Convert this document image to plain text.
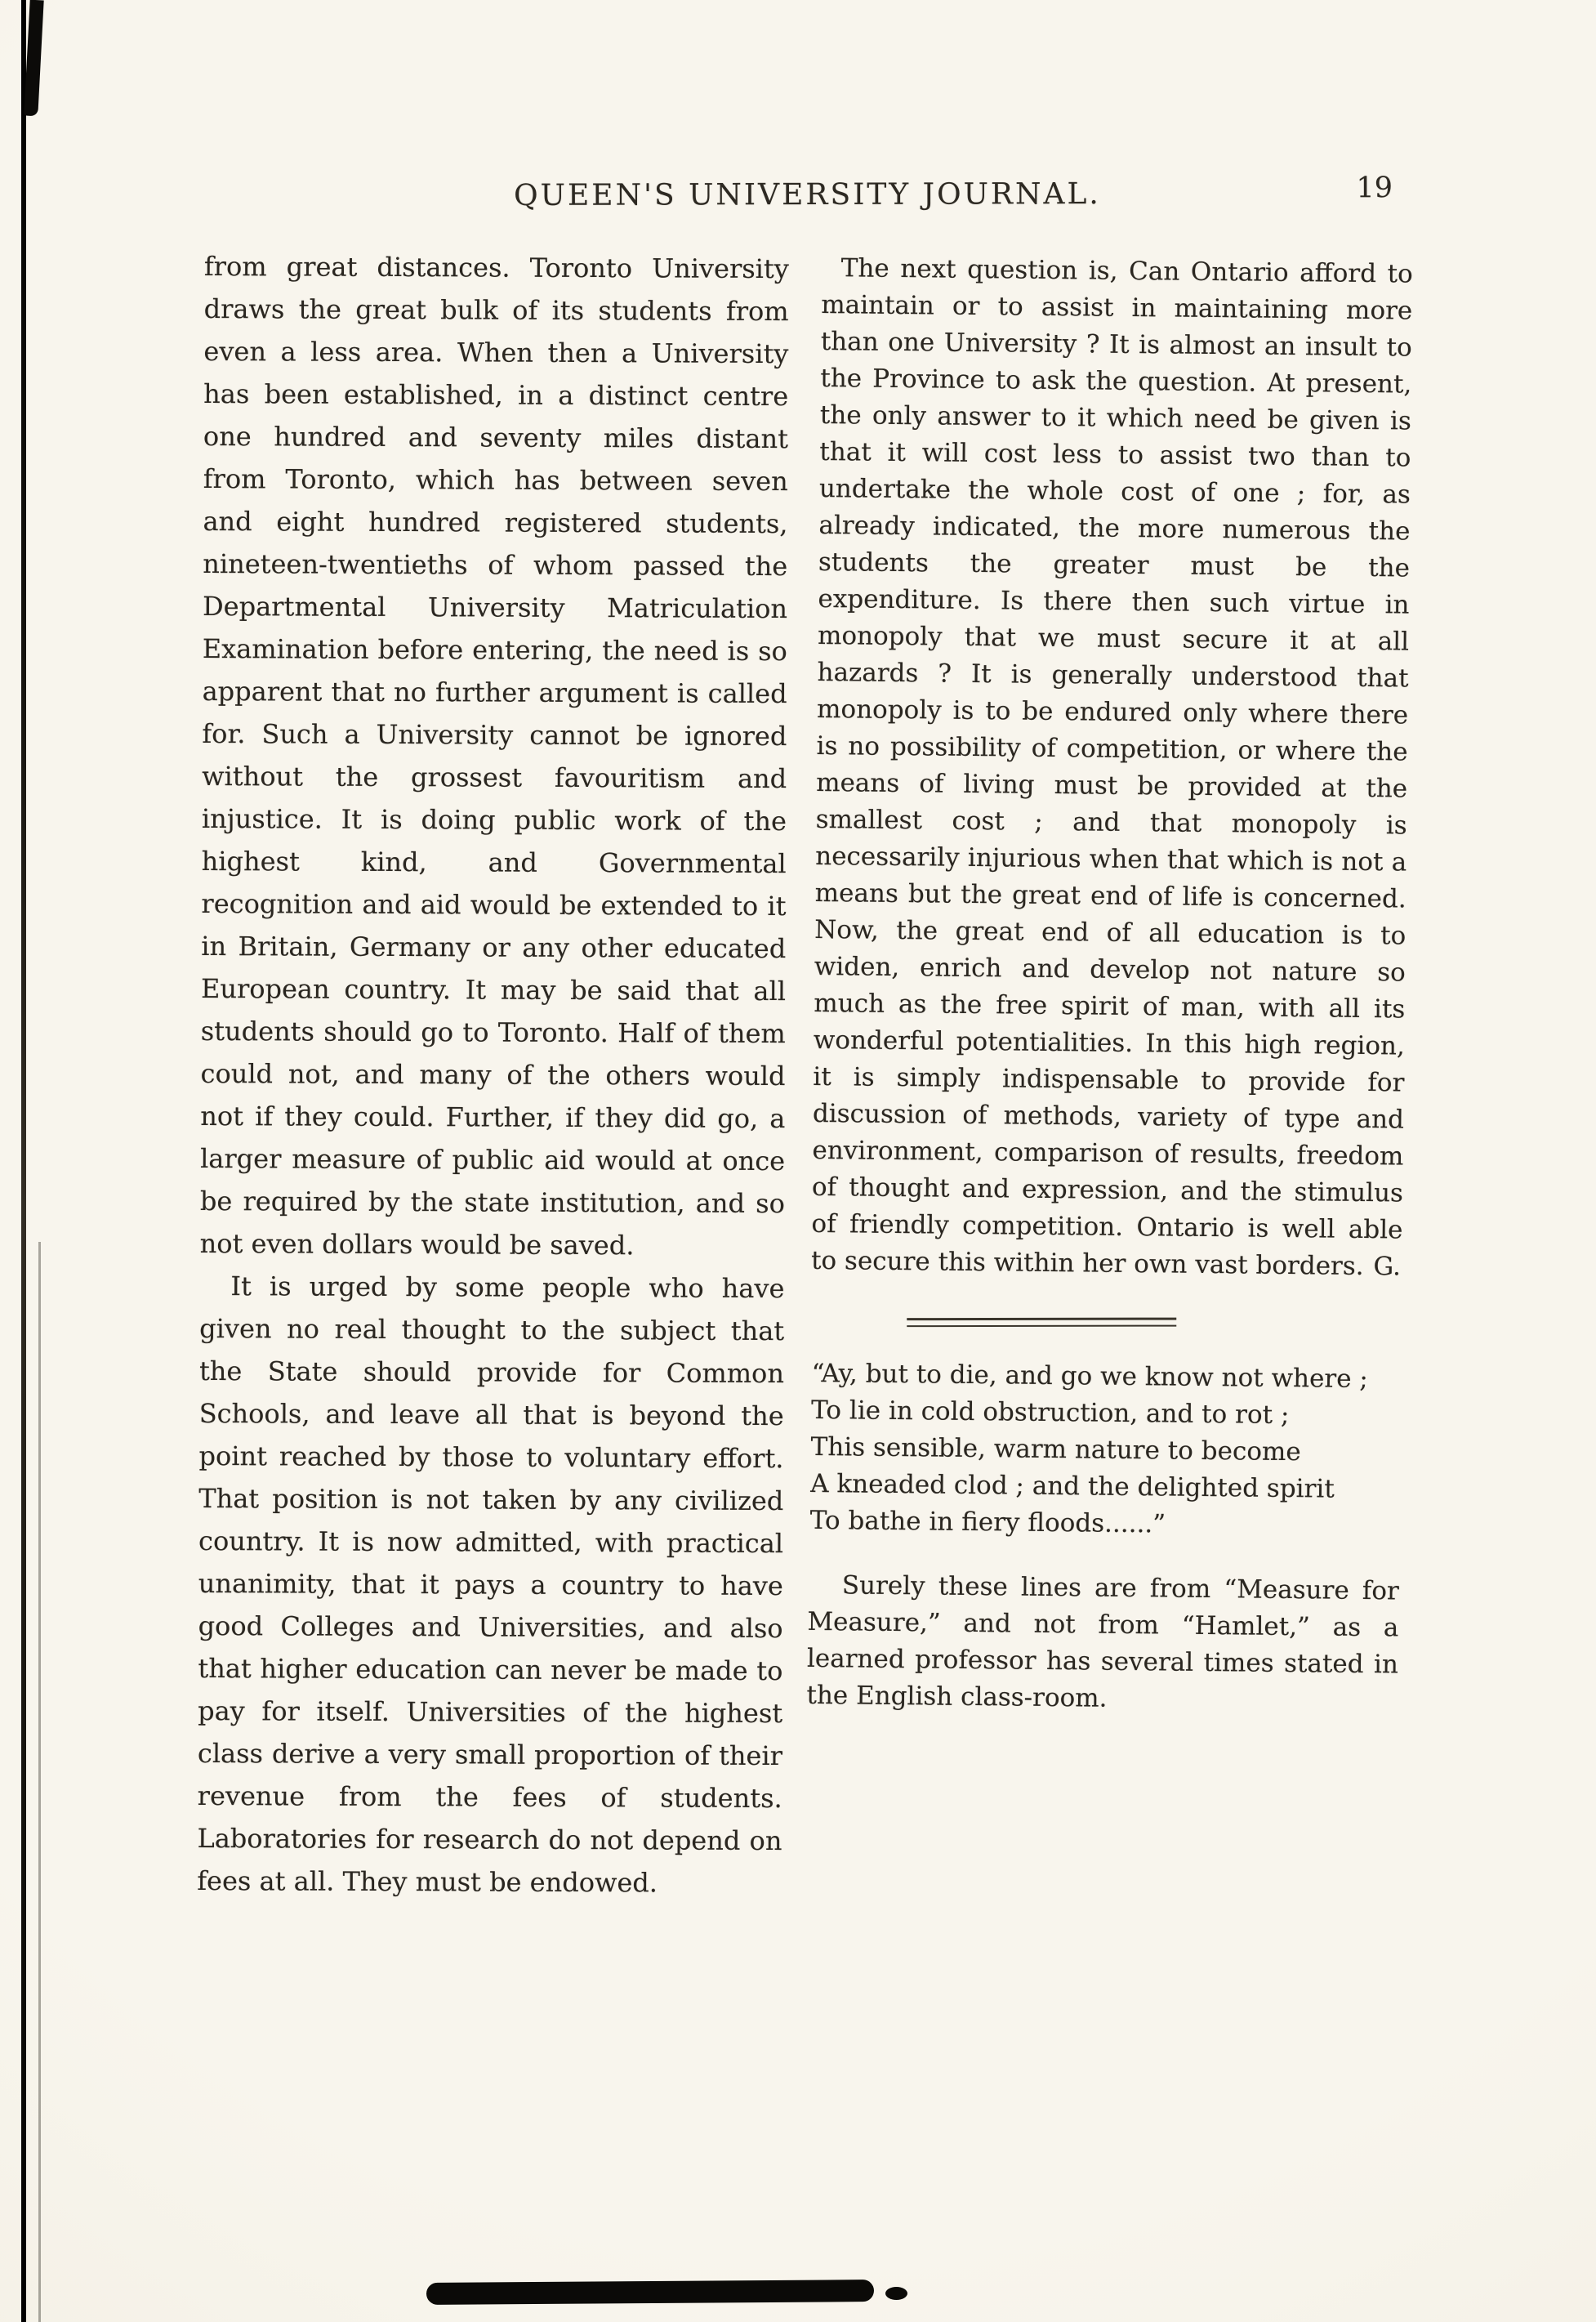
QUEEN'S UNIVERSITY JOURNAL.	19

from great distances. Toronto University draws the great bulk of its students from even a less area. When then a University has been established, in a distinct centre one hundred and seventy miles distant from Toronto, which has between seven and eight hundred registered students, nineteen-twentieths of whom passed the Departmental University Matriculation Examination before entering, the need is so apparent that no further argument is called for. Such a University cannot be ignored without the grossest favouritism and injustice. It is doing public work of the highest kind, and Governmental recognition and aid would be extended to it in Britain, Germany or any other educated European country. It may be said that all students should go to Toronto. Half of them could not, and many of the others would not if they could. Further, if they did go, a larger measure of public aid would at once be required by the state institution, and so not even dollars would be saved.

It is urged by some people who have given no real thought to the subject that the State should provide for Common Schools, and leave all that is beyond the point reached by those to voluntary effort. That position is not taken by any civilized country. It is now admitted, with practical unanimity, that it pays a country to have good Colleges and Universities, and also that higher education can never be made to pay for itself. Universities of the highest class derive a very small proportion of their revenue from the fees of students. Laboratories for research do not depend on fees at all. They must be endowed.

The next question is, Can Ontario afford to maintain or to assist in maintaining more than one University ? It is almost an insult to the Province to ask the question. At present, the only answer to it which need be given is that it will cost less to assist two than to undertake the whole cost of one ; for, as already indicated, the more numerous the students the greater must be the expenditure. Is there then such virtue in monopoly that we must secure it at all hazards ? It is generally understood that monopoly is to be endured only where there is no possibility of competition, or where the means of living must be provided at the smallest cost ; and that monopoly is necessarily injurious when that which is not a means but the great end of life is concerned. Now, the great end of all education is to widen, enrich and develop not nature so much as the free spirit of man, with all its wonderful potentialities. In this high region, it is simply indispensable to provide for discussion of methods, variety of type and environment, comparison of results, freedom of thought and expression, and the stimulus of friendly competition. Ontario is well able to secure this within her own vast borders. G.

“Ay, but to die, and go we know not where ;
To lie in cold obstruction, and to rot ;
This sensible, warm nature to become
A kneaded clod ; and the delighted spirit
To bathe in fiery floods......”

Surely these lines are from “Measure for Measure,” and not from “Hamlet,” as a learned professor has several times stated in the English class-room.
